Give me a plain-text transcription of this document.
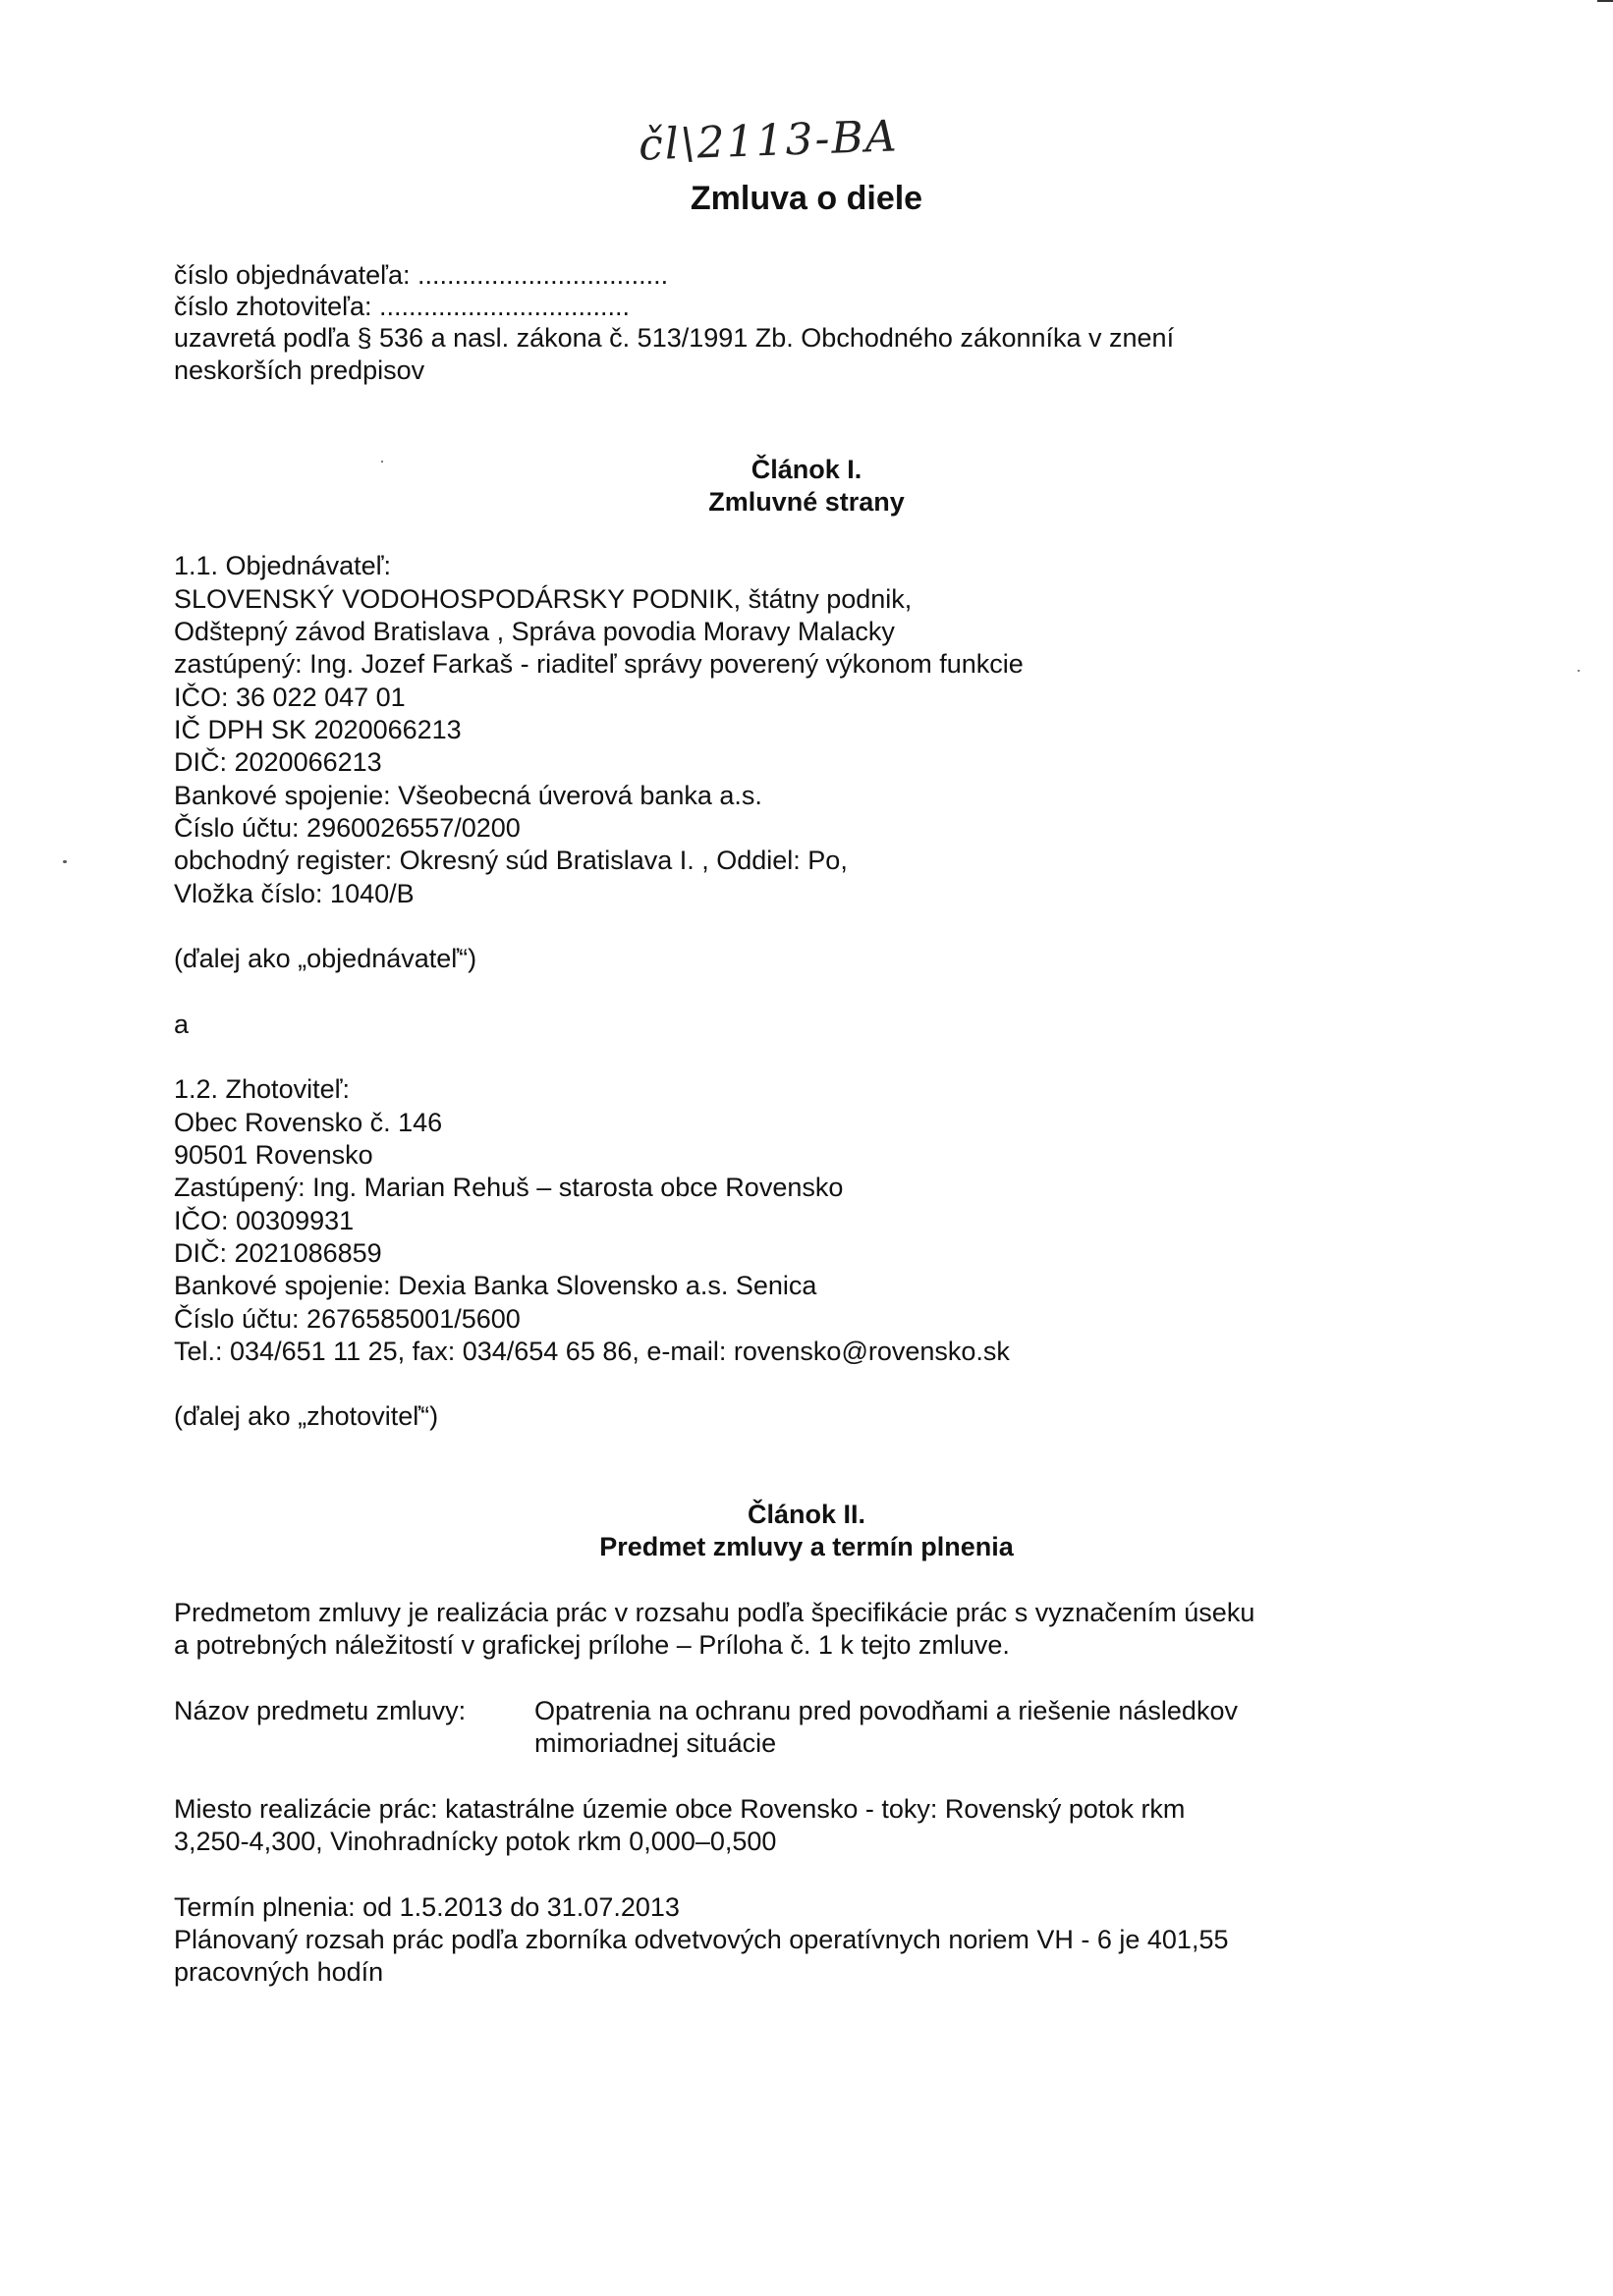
čl\2113-BA
Zmluva o diele
číslo objednávateľa: ..................................
číslo zhotoviteľa: ..................................
uzavretá podľa § 536 a nasl. zákona č. 513/1991 Zb. Obchodného zákonníka v znení
neskorších predpisov
Článok I.
Zmluvné strany
1.1. Objednávateľ:
SLOVENSKÝ VODOHOSPODÁRSKY PODNIK, štátny podnik,
Odštepný závod Bratislava , Správa povodia Moravy Malacky
zastúpený: Ing. Jozef Farkaš - riaditeľ správy poverený výkonom funkcie
IČO: 36 022 047 01
IČ DPH SK 2020066213
DIČ: 2020066213
Bankové spojenie: Všeobecná úverová banka a.s.
Číslo účtu: 2960026557/0200
obchodný register: Okresný súd Bratislava I. , Oddiel: Po,
Vložka číslo: 1040/B
(ďalej ako „objednávateľ“)
a
1.2. Zhotoviteľ:
Obec Rovensko č. 146
90501 Rovensko
Zastúpený: Ing. Marian Rehuš – starosta obce Rovensko
IČO: 00309931
DIČ: 2021086859
Bankové spojenie: Dexia Banka Slovensko a.s. Senica
Číslo účtu: 2676585001/5600
Tel.: 034/651 11 25, fax: 034/654 65 86, e-mail: rovensko@rovensko.sk
(ďalej ako „zhotoviteľ“)
Článok II.
Predmet zmluvy a termín plnenia
Predmetom zmluvy je realizácia prác v rozsahu podľa špecifikácie prác s vyznačením úseku
a potrebných náležitostí v grafickej prílohe – Príloha č. 1 k tejto zmluve.
Názov predmetu zmluvy:	Opatrenia na ochranu pred povodňami a riešenie následkov
mimoriadnej situácie
Miesto realizácie prác: katastrálne územie obce Rovensko - toky: Rovenský potok rkm
3,250-4,300, Vinohradnícky potok rkm 0,000–0,500
Termín plnenia: od 1.5.2013 do 31.07.2013
Plánovaný rozsah prác podľa zborníka odvetvových operatívnych noriem VH - 6 je 401,55
pracovných hodín
